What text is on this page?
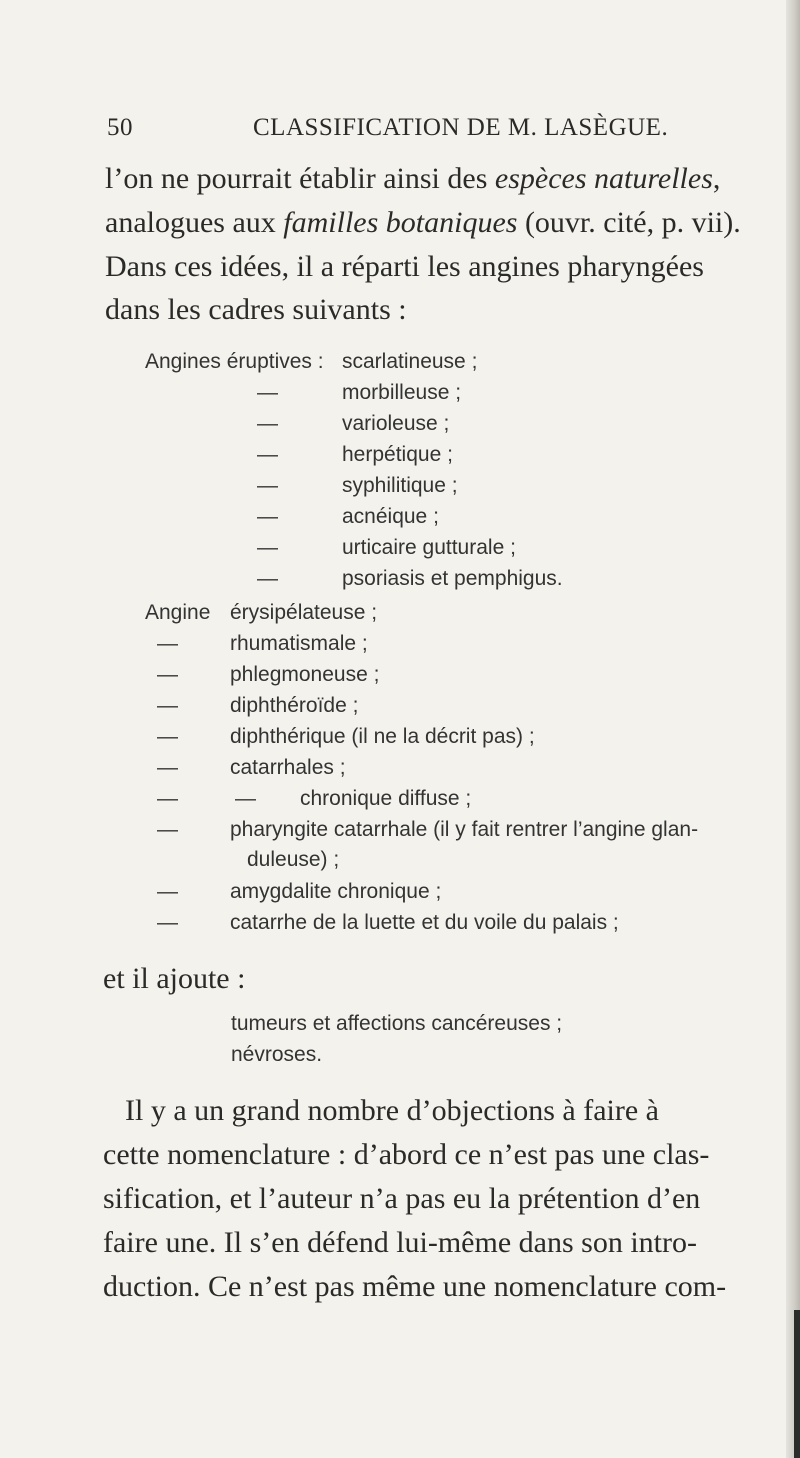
50	CLASSIFICATION DE M. LASÈGUE.
l’on ne pourrait établir ainsi des espèces naturelles,
analogues aux familles botaniques (ouvr. cité, p. vii).
Dans ces idées, il a réparti les angines pharyngées
dans les cadres suivants :
Angines éruptives : scarlatineuse ;
—	morbilleuse ;
—	varioleuse ;
—	herpétique ;
—	syphilitique ;
—	acnéique ;
—	urticaire gutturale ;
—	psoriasis et pemphigus.
Angine érysipélateuse ;
— rhumatismale ;
— phlegmoneuse ;
— diphthéroïde ;
— diphthérique (il ne la décrit pas) ;
— catarrhales ;
—	— chronique diffuse ;
— pharyngite catarrhale (il y fait rentrer l’angine glan-
duleuse) ;
— amygdalite chronique ;
— catarrhe de la luette et du voile du palais ;
et il ajoute :
tumeurs et affections cancéreuses ;
névroses.
Il y a un grand nombre d’objections à faire à
cette nomenclature : d’abord ce n’est pas une clas-
sification, et l’auteur n’a pas eu la prétention d’en
faire une. Il s’en défend lui-même dans son intro-
duction. Ce n’est pas même une nomenclature com-
